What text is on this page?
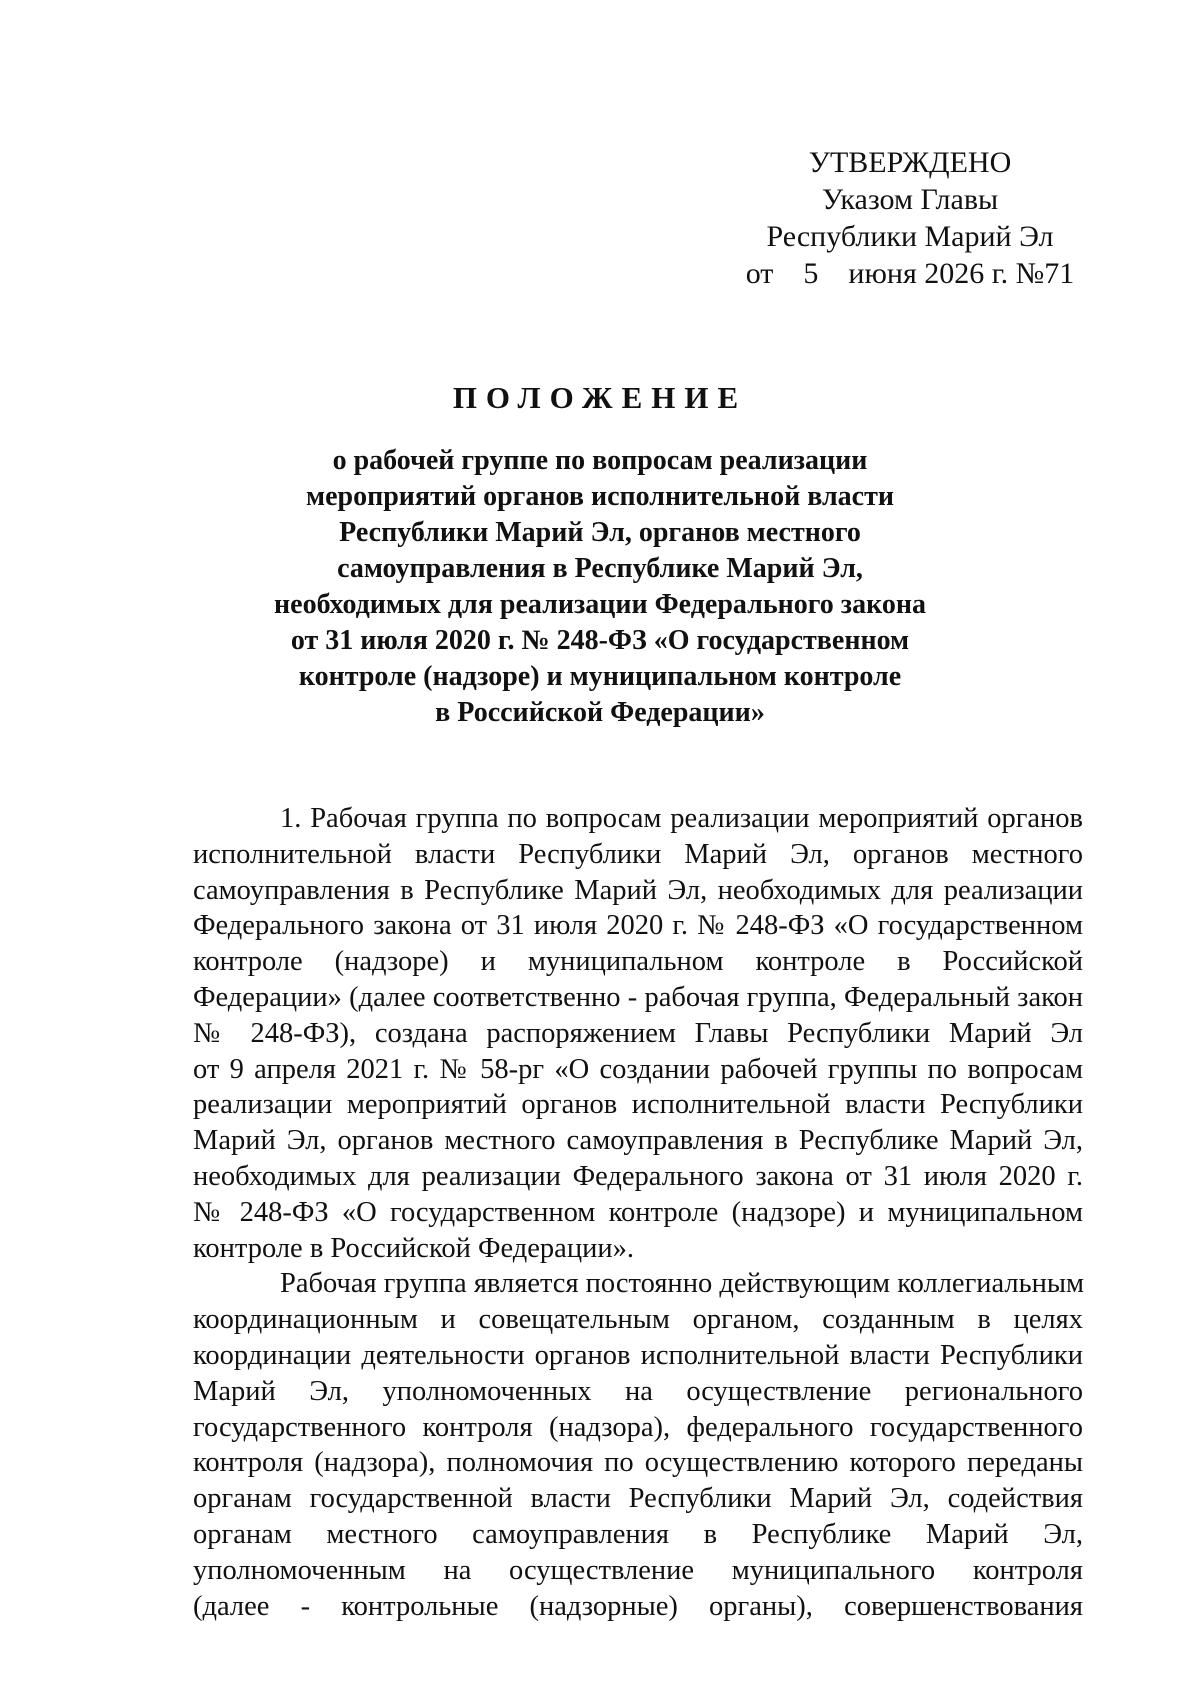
УТВЕРЖДЕНО
Указом Главы
Республики Марий Эл
от    5    июня 2026 г. №71
ПОЛОЖЕНИЕ
о рабочей группе по вопросам реализации
мероприятий органов исполнительной власти
Республики Марий Эл, органов местного
самоуправления в Республике Марий Эл,
необходимых для реализации Федерального закона
от 31 июля 2020 г. № 248-ФЗ «О государственном
контроле (надзоре) и муниципальном контроле
в Российской Федерации»
1. Рабочая группа по вопросам реализации мероприятий органов
исполнительной власти Республики Марий Эл, органов местного
самоуправления в Республике Марий Эл, необходимых для реализации
Федерального закона от 31 июля 2020 г. № 248-ФЗ «О государственном
контроле (надзоре) и муниципальном контроле в Российской
Федерации» (далее соответственно - рабочая группа, Федеральный закон
№ 248-ФЗ), создана распоряжением Главы Республики Марий Эл
от 9 апреля 2021 г. № 58-рг «О создании рабочей группы по вопросам
реализации мероприятий органов исполнительной власти Республики
Марий Эл, органов местного самоуправления в Республике Марий Эл,
необходимых для реализации Федерального закона от 31 июля 2020 г.
№ 248-ФЗ «О государственном контроле (надзоре) и муниципальном
контроле в Российской Федерации».
Рабочая группа является постоянно действующим коллегиальным
координационным и совещательным органом, созданным в целях
координации деятельности органов исполнительной власти Республики
Марий Эл, уполномоченных на осуществление регионального
государственного контроля (надзора), федерального государственного
контроля (надзора), полномочия по осуществлению которого переданы
органам государственной власти Республики Марий Эл, содействия
органам местного самоуправления в Республике Марий Эл,
уполномоченным на осуществление муниципального контроля
(далее - контрольные (надзорные) органы), совершенствования
